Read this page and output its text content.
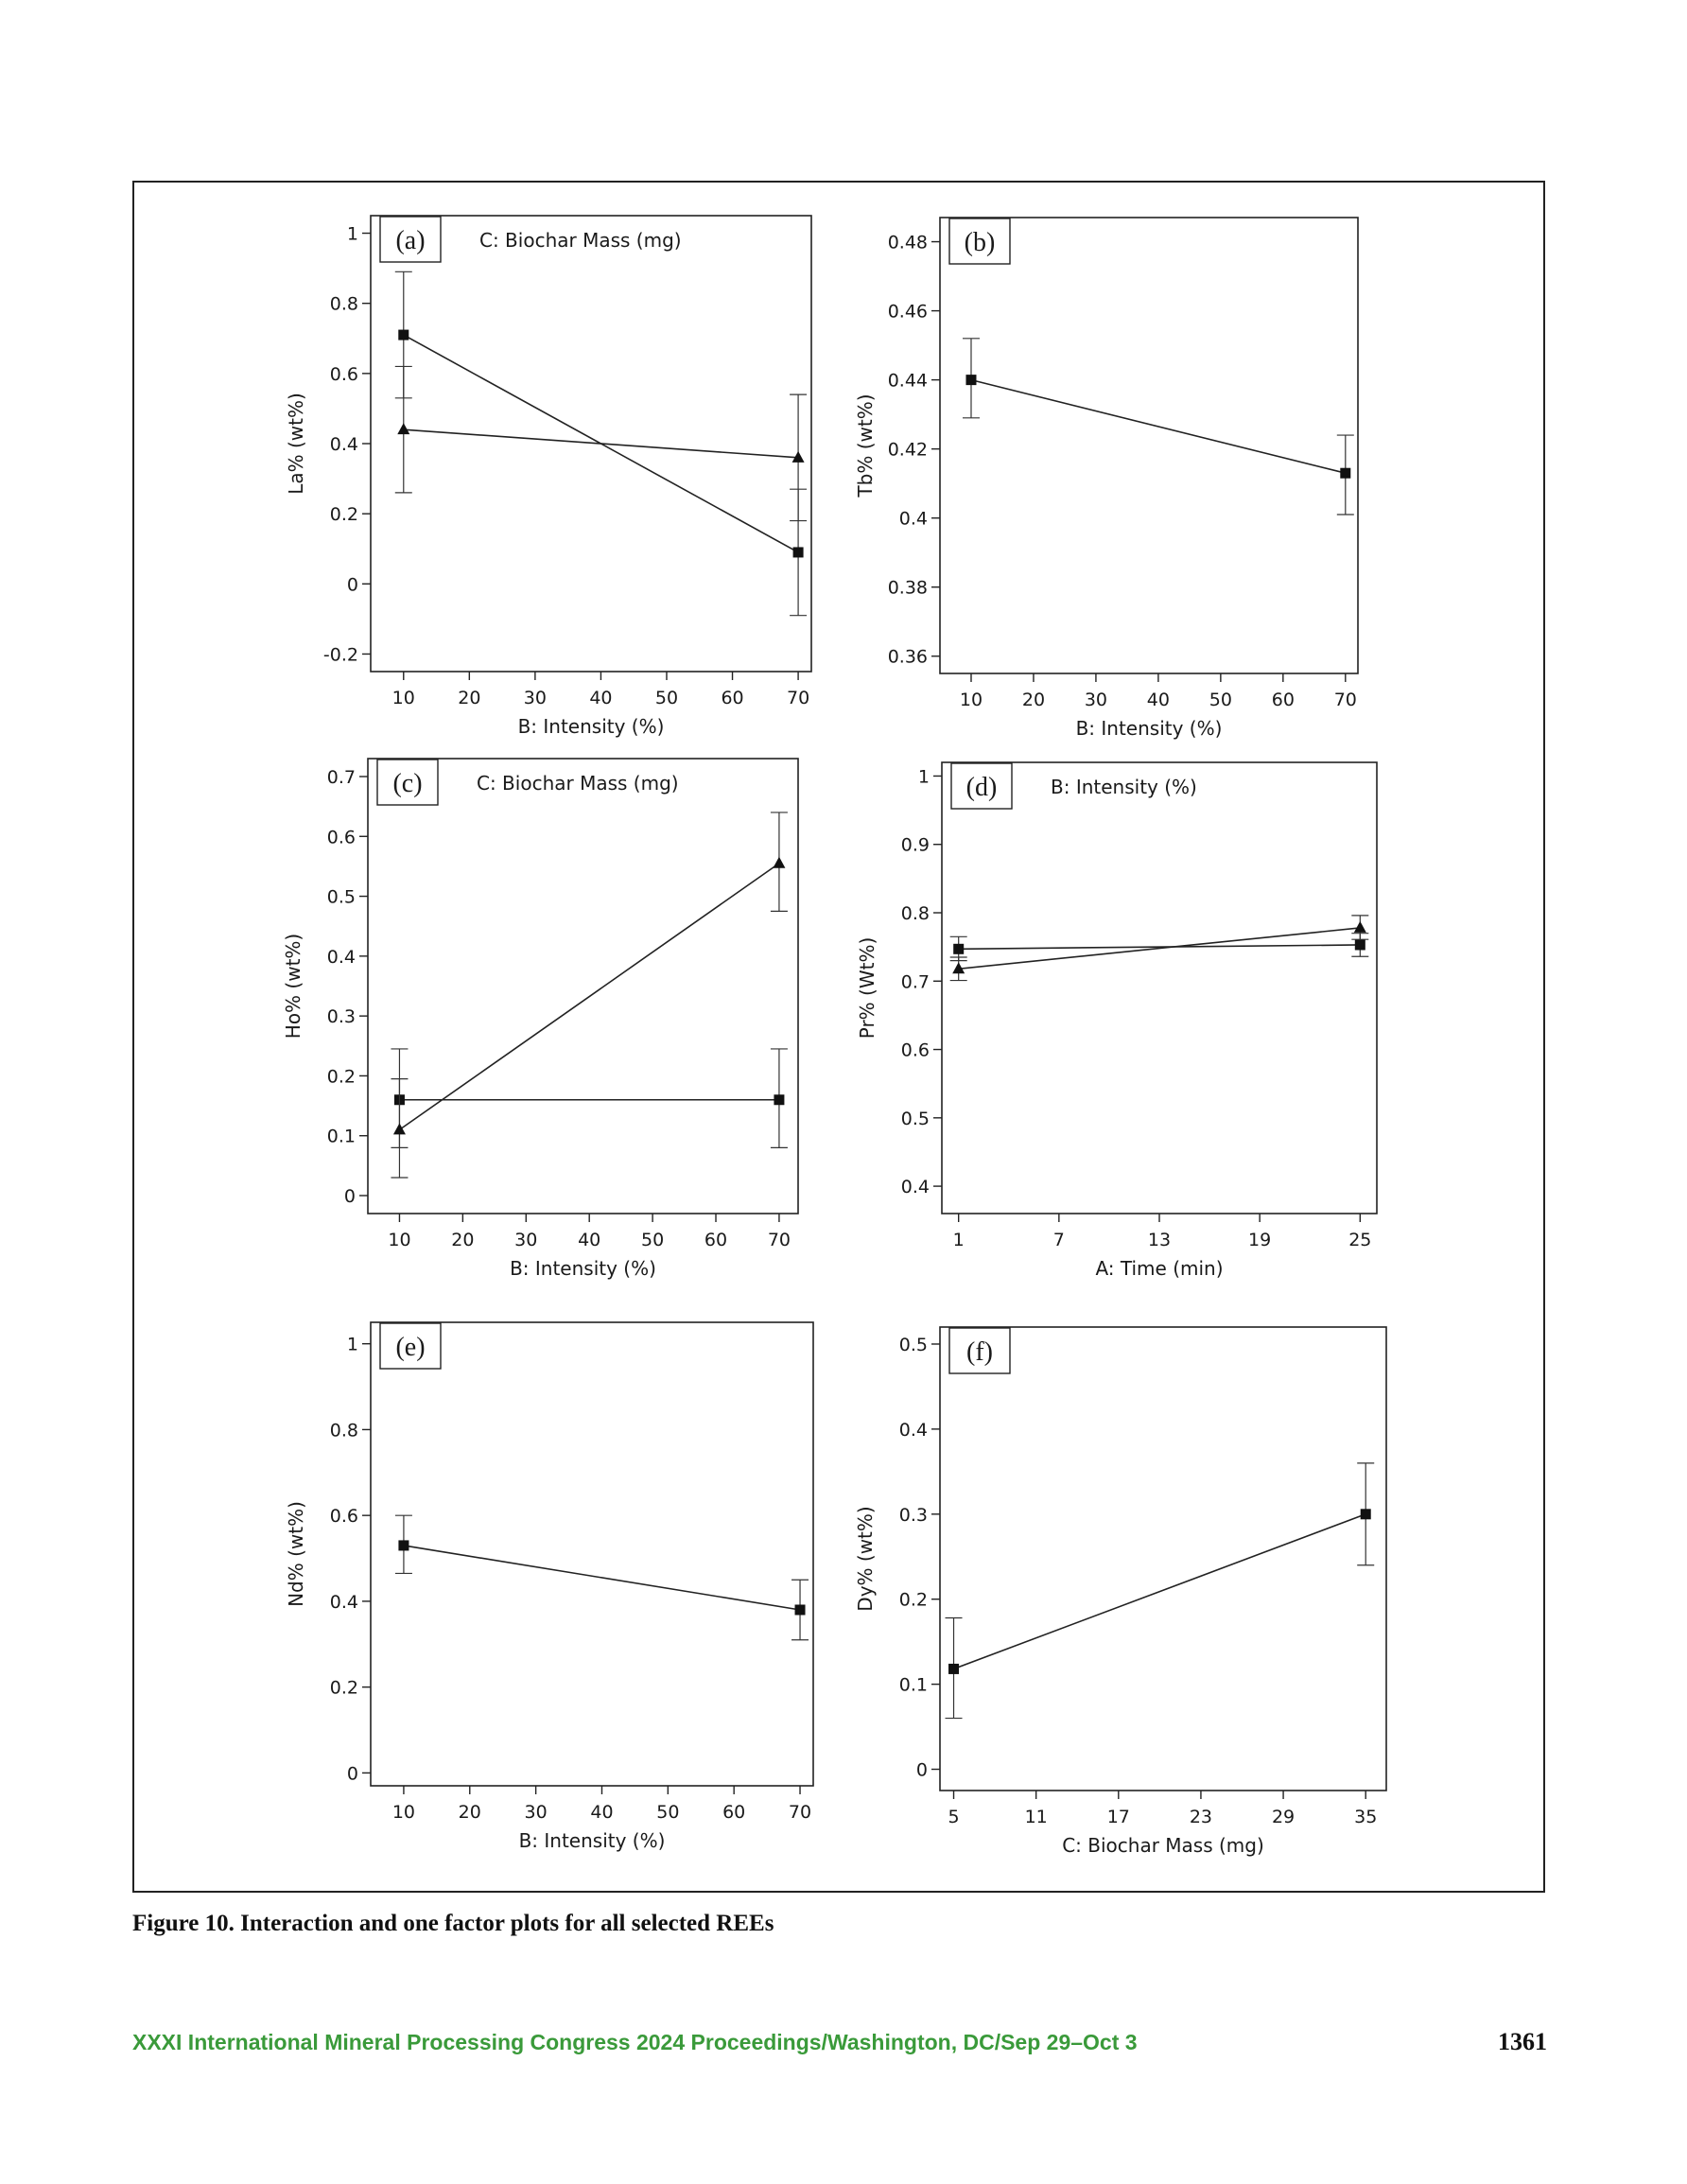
-0.2
0
0.2
0.4
0.6
0.8
1
10 20 30 40 50 60 70
B: Intensity (%)
La% (wt%)
(a)	C: Biochar Mass (mg)
0.36
0.38
0.4
0.42
0.44
0.46
0.48
10 20 30 40 50 60 70
B: Intensity (%)
Tb% (wt%)
(b)
0
0.1
0.2
0.3
0.4
0.5
0.6
0.7
10 20 30 40 50 60 70
B: Intensity (%)
Ho% (wt%)
(c)	C: Biochar Mass (mg)
0.4
0.5
0.6
0.7
0.8
0.9
1
1	7	13	19	25
A: Time (min)
Pr% (Wt%)
(d)	B: Intensity (%)
0
0.2
0.4
0.6
0.8
1
10 20 30 40 50 60 70
B: Intensity (%)
Nd% (wt%)
(e)
0
0.1
0.2
0.3
0.4
0.5
5	11	17	23	29	35
C: Biochar Mass (mg)
Dy% (wt%)
(f)
Figure 10. Interaction and one factor plots for all selected REEs
XXXI International Mineral Processing Congress 2024 Proceedings/Washington, DC/Sep 29–Oct 3	1361
